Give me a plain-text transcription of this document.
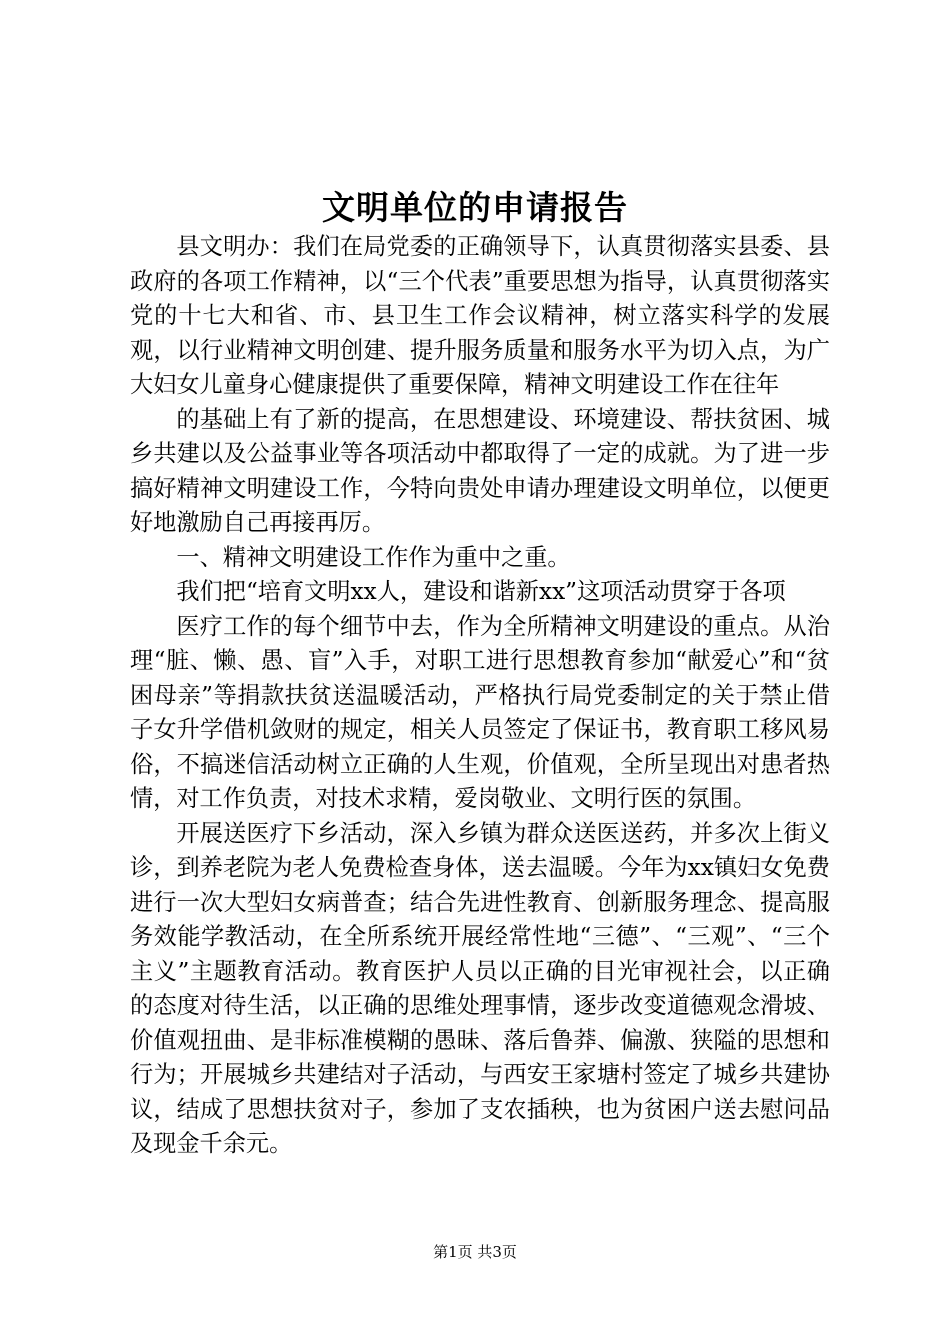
文明单位的申请报告

县文明办：我们在局党委的正确领导下，认真贯彻落实县委、县政府的各项工作精神，以“三个代表”重要思想为指导，认真贯彻落实党的十七大和省、市、县卫生工作会议精神，树立落实科学的发展观，以行业精神文明创建、提升服务质量和服务水平为切入点，为广大妇女儿童身心健康提供了重要保障，精神文明建设工作在往年

的基础上有了新的提高，在思想建设、环境建设、帮扶贫困、城乡共建以及公益事业等各项活动中都取得了一定的成就。为了进一步搞好精神文明建设工作，今特向贵处申请办理建设文明单位，以便更好地激励自己再接再厉。

一、精神文明建设工作作为重中之重。

我们把“培育文明xx人，建设和谐新xx”这项活动贯穿于各项

医疗工作的每个细节中去，作为全所精神文明建设的重点。从治理“脏、懒、愚、盲”入手，对职工进行思想教育参加“献爱心”和“贫困母亲”等捐款扶贫送温暖活动，严格执行局党委制定的关于禁止借子女升学借机敛财的规定，相关人员签定了保证书，教育职工移风易俗，不搞迷信活动树立正确的人生观，价值观，全所呈现出对患者热情，对工作负责，对技术求精，爱岗敬业、文明行医的氛围。

开展送医疗下乡活动，深入乡镇为群众送医送药，并多次上街义诊，到养老院为老人免费检查身体，送去温暖。今年为xx镇妇女免费进行一次大型妇女病普查；结合先进性教育、创新服务理念、提高服务效能学教活动，在全所系统开展经常性地“三德”、“三观”、“三个主义”主题教育活动。教育医护人员以正确的目光审视社会，以正确的态度对待生活，以正确的思维处理事情，逐步改变道德观念滑坡、价值观扭曲、是非标准模糊的愚昧、落后鲁莽、偏激、狭隘的思想和行为；开展城乡共建结对子活动，与西安王家塘村签定了城乡共建协议，结成了思想扶贫对子，参加了支农插秧，也为贫困户送去慰问品及现金千余元。

第1页 共3页
